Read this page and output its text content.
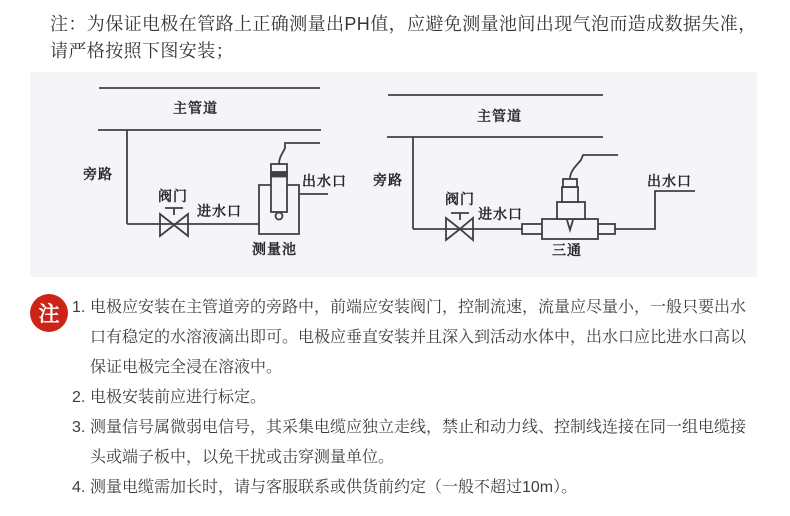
注：为保证电极在管路上正确测量出PH值，应避免测量池间出现气泡而造成数据失准，
请严格按照下图安装；
主管道
旁路
阀门
进水口
出水口
测量池
主管道
旁路
阀门
进水口
出水口
三通
注 1. 电极应安装在主管道旁的旁路中，前端应安装阀门，控制流速，流量应尽量小，一般只要出水口有稳定的水溶液滴出即可。电极应垂直安装并且深入到活动水体中，出水口应比进水口高以保证电极完全浸在溶液中。
2. 电极安装前应进行标定。
3. 测量信号属微弱电信号，其采集电缆应独立走线，禁止和动力线、控制线连接在同一组电缆接头或端子板中，以免干扰或击穿测量单位。
4. 测量电缆需加长时，请与客服联系或供货前约定（一般不超过10m）。
